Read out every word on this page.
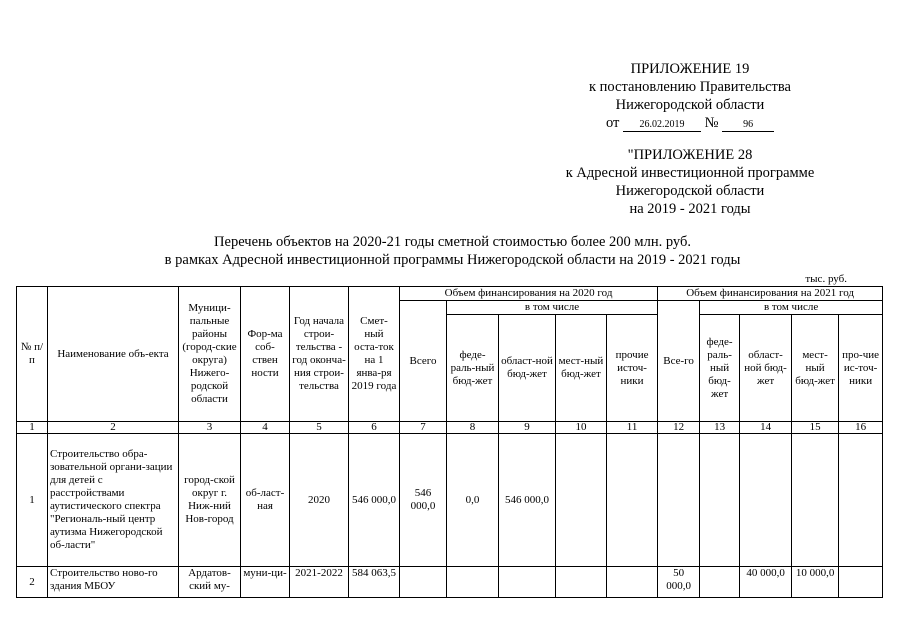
ПРИЛОЖЕНИЕ 19
к постановлению Правительства
Нижегородской области
от 26.02.2019 № 96
"ПРИЛОЖЕНИЕ 28
к Адресной инвестиционной программе
Нижегородской области
на 2019 - 2021 годы
Перечень объектов на 2020-21 годы сметной стоимостью более 200 млн. руб.
в рамках Адресной инвестиционной программы Нижегородской области на 2019 - 2021 годы
тыс. руб.
№ п/п	Наименование объ-екта	Муници-пальные районы (город-ские округа) Нижего-родской области	Фор-ма соб-ствен ности	Год начала строи-тельства - год оконча-ния строи-тельства	Смет-ный оста-ток на 1 янва-ря 2019 года	Объем финансирования на 2020 год					Объем финансирования на 2021 год				
						Всего	в том числе				Все-го	в том числе			
							феде-раль-ный бюд-жет	област-ной бюд-жет	мест-ный бюд-жет	прочие источ-ники		феде-раль-ный бюд-жет	област-ной бюд-жет	мест-ный бюд-жет	про-чие ис-точ-ники
1	2	3	4	5	6	7	8	9	10	11	12	13	14	15	16
1	Строительство обра-зовательной органи-зации для детей с расстройствами аутистического спектра "Региональ-ный центр аутизма Нижегородской об-ласти"	город-ской округ г. Ниж-ний Нов-город	об-ласт-ная	2020	546 000,0	546 000,0	0,0	546 000,0							
2	Строительство ново-го здания МБОУ	Ардатов-ский му-	муни-ци-	2021-2022	584 063,5						50 000,0		40 000,0	10 000,0	
